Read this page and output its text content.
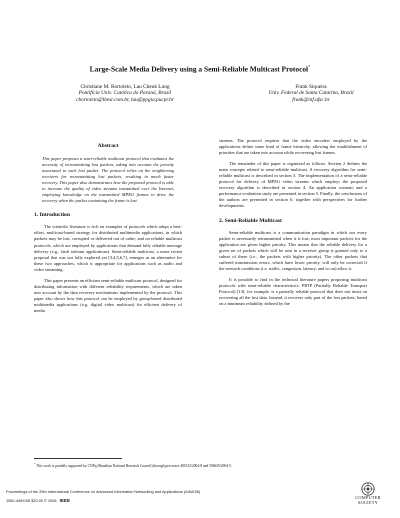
Large-Scale Media Delivery using a Semi-Reliable Multicast Protocol*
Christiane M. Bortoleto, Lau Cheuk Lung
Pontifícia Univ. Católica do Paraná, Brazil
cbortoleto@lbest.com.br, lau@ppgia.pucpr.br
Frank Siqueira
Univ. Federal de Santa Catarina, Brazil
frank@inf.ufsc.br
Abstract
This paper proposes a semi-reliable multicast protocol that evaluates the necessity of retransmitting lost packets, taking into account the priority associated to each lost packet. The protocol relies on the neighboring receivers for retransmitting lost packets, resulting in much faster recovery. This paper also demonstrates how the proposed protocol is able to increase the quality of video streams transmitted over the Internet, employing knowledge on the transmitted MPEG frames to drive the recovery when the packet containing the frame is lost.
1. Introduction
The scientific literature is rich on examples of protocols which adopt a best-effort, multicast-based strategy for distributed multimedia applications, in which packets may be lost, corrupted or delivered out of order; and on reliable multicast protocols, which are employed by applications that demand fully reliable message delivery (e.g., fault tolerant applications). Semi-reliable multicast, a more recent proposal that was not fully explored yet [3,4,5,6,7], emerges as an alternative for these two approaches, which is appropriate for applications such as audio and video streaming.
This paper presents an efficient semi-reliable multicast protocol, designed for distributing information with different reliability requirements, which are taken into account by the data recovery mechanisms implemented by the protocol. This paper also shows how this protocol can be employed by group-based distributed multimedia applications (e.g. digital video multicast) for efficient delivery of media
streams. The protocol requires that the video encoders employed by the applications define some kind of frame hierarchy, allowing the establishment of priorities that are taken into account while recovering lost frames.
The remainder of this paper is organized as follows. Section 2 defines the main concepts related to semi-reliable multicast. A recovery algorithm for semi-reliable multicast is described in section 3. The implementation of a semi-reliable protocol for delivery of MPEG video streams which employs the proposed recovery algorithm is described in section 4. An application scenario and a performance evaluation study are presented in section 5. Finally, the conclusions of the authors are presented in section 6, together with perspectives for further developments.
2. Semi-Reliable Multicast
Semi-reliable multicast is a communication paradigm in which not every packet is necessarily retransmitted when it is lost; most important packets for the application are given higher priority. This means that the reliable delivery for a given set of packets which will be sent in a receiver group is granted only to a subset of these (i.e., the packets with higher priority). The other packets that suffered transmission errors, which have lower priority, will only be corrected if the network conditions (i.e. traffic, congestion, latency, and so on) allow it.
It is possible to find in the technical literature papers proposing multicast protocols with semi-reliable characteristics. PRTP (Partially Reliable Transport Protocol) [13], for example, is a partially reliable protocol that does not insist on recovering all the lost data. Instead, it recovers only part of the lost packets, based on a minimum reliability defined by the
* This work is partially supported by CNPq (Brazilian National Research Council) through processes 481523/2004-8 and 506639/2004-5.
Proceedings of the 20th International Conference on Advanced Information Networking and Applications (AINA'06)
1550-445X/06 $20.00 © 2006 IEEE
COMPUTER
SOCIETY
